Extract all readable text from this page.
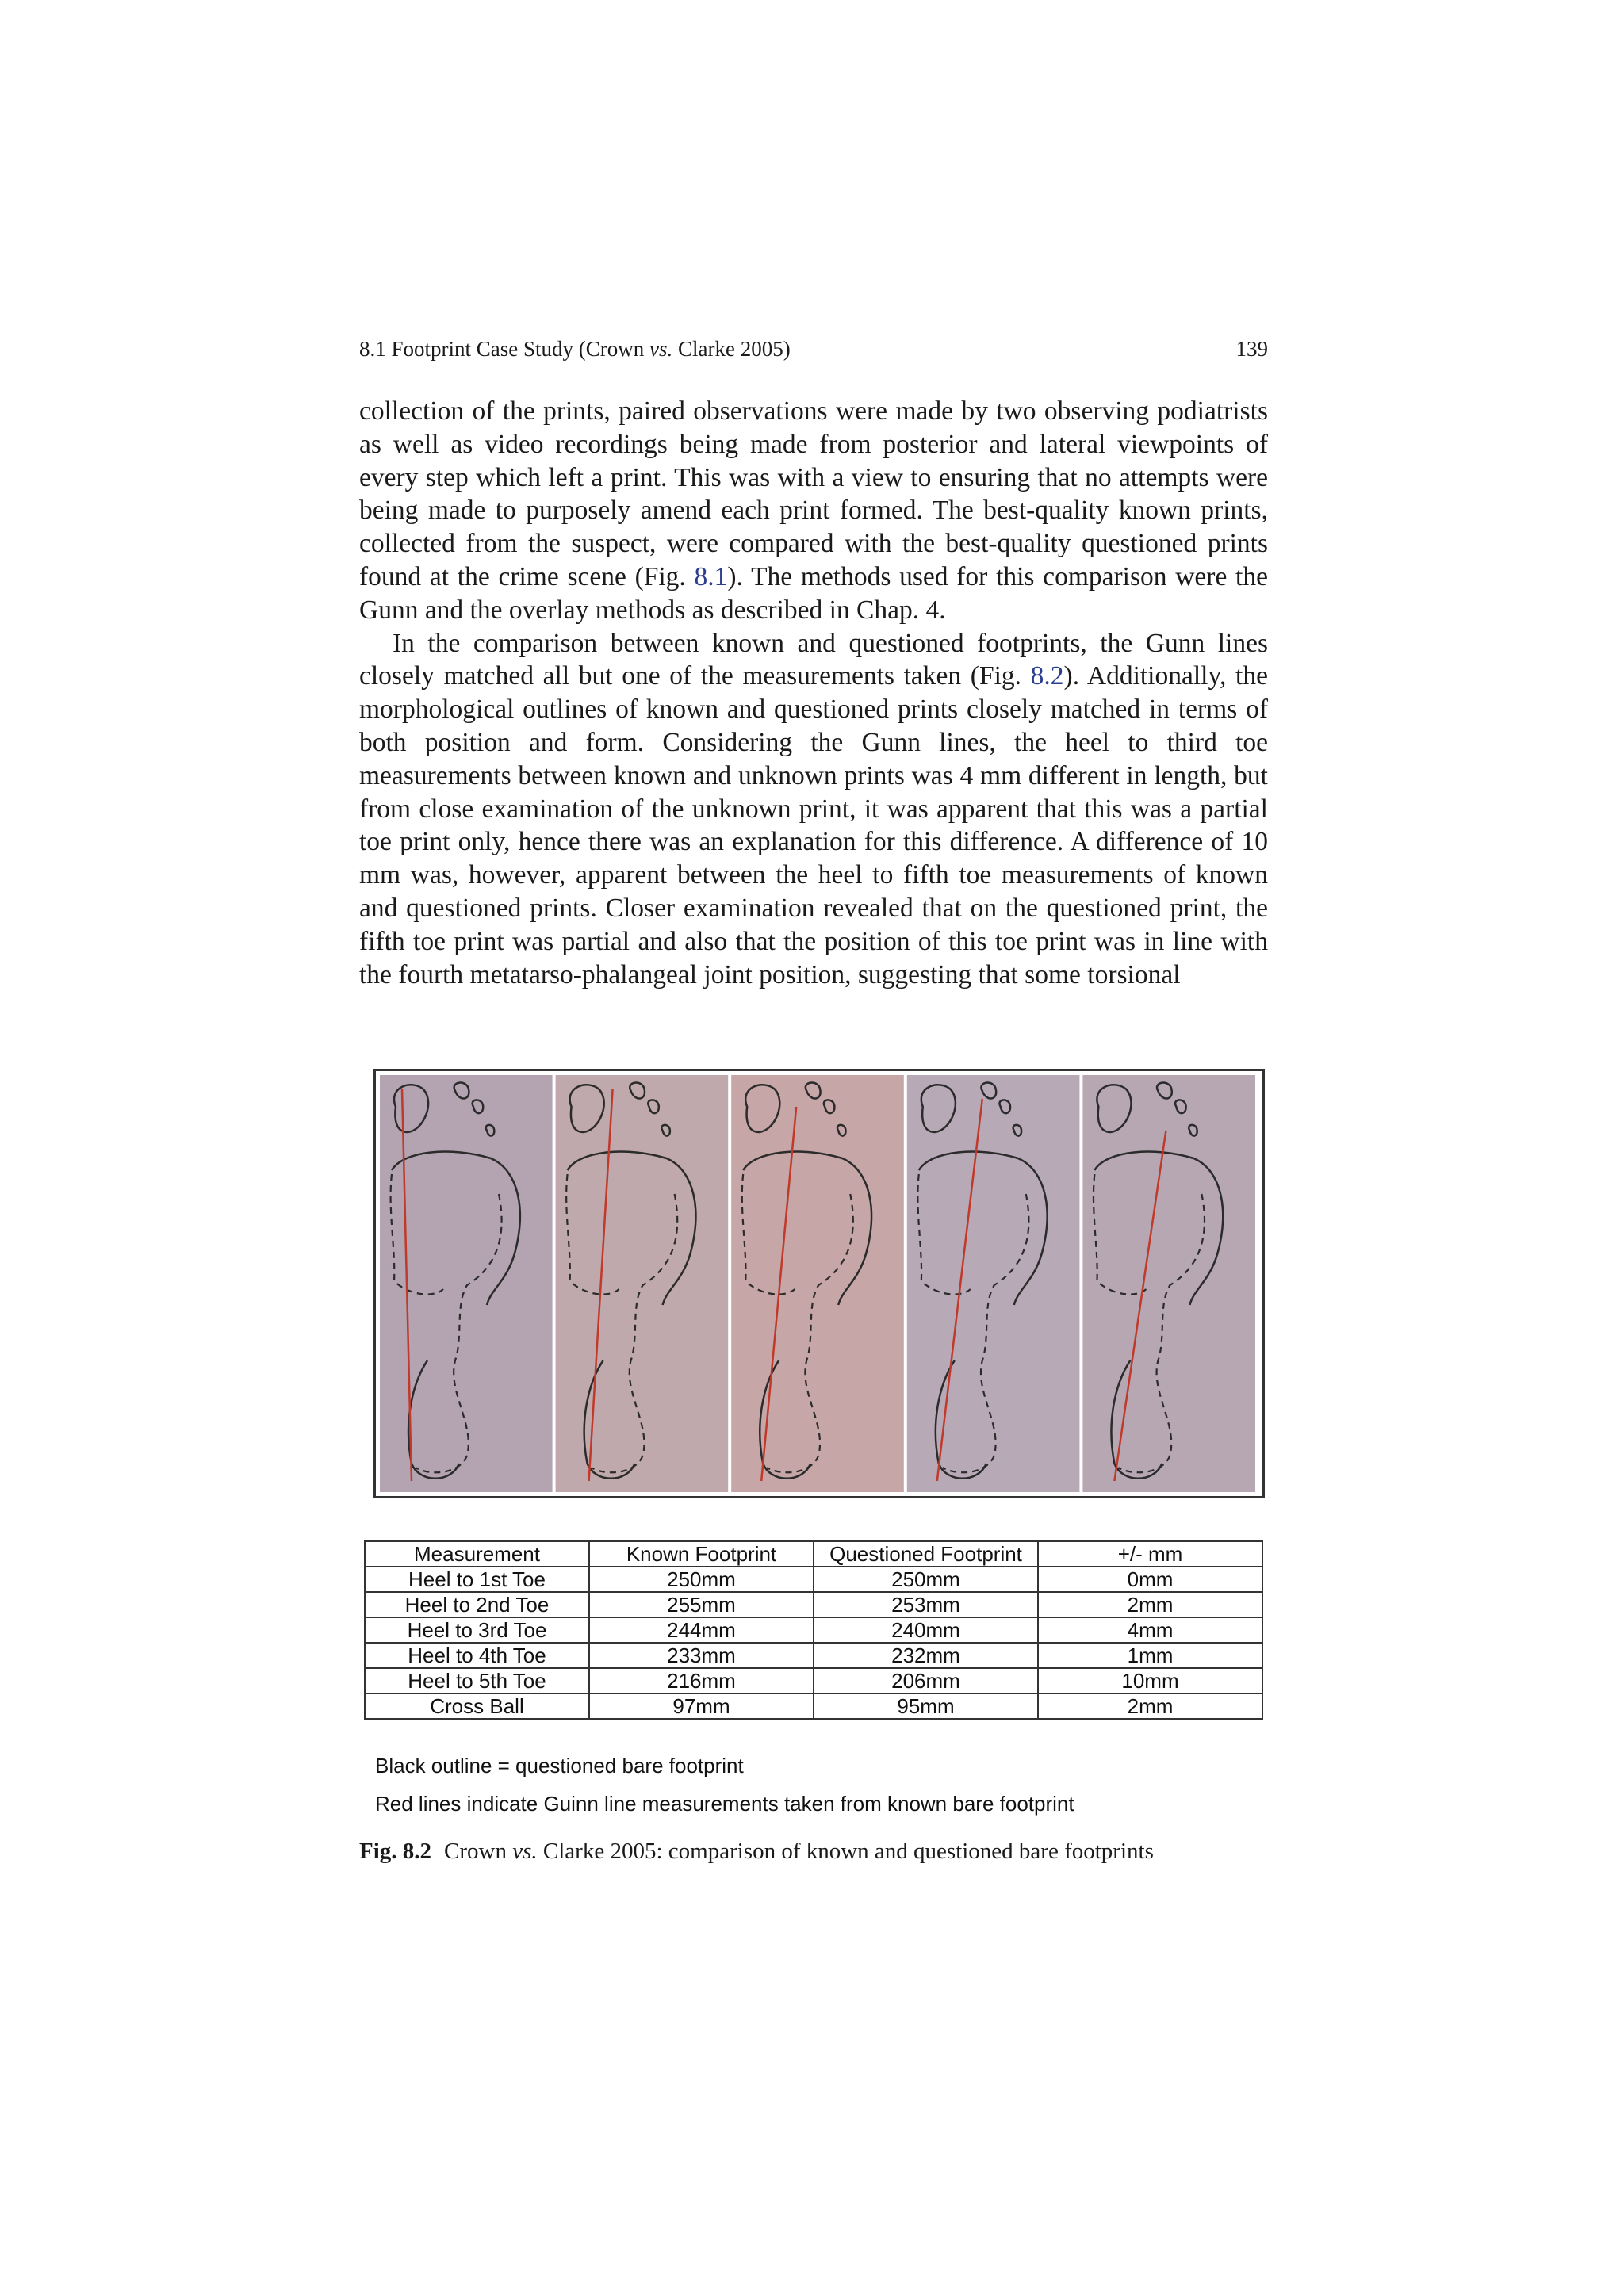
8.1 Footprint Case Study (Crown vs. Clarke 2005)	139

collection of the prints, paired observations were made by two observing podiatrists as well as video recordings being made from posterior and lateral viewpoints of every step which left a print. This was with a view to ensuring that no attempts were being made to purposely amend each print formed. The best-quality known prints, collected from the suspect, were compared with the best-quality questioned prints found at the crime scene (Fig. 8.1). The methods used for this comparison were the Gunn and the overlay methods as described in Chap. 4.

In the comparison between known and questioned footprints, the Gunn lines closely matched all but one of the measurements taken (Fig. 8.2). Additionally, the morphological outlines of known and questioned prints closely matched in terms of both position and form. Considering the Gunn lines, the heel to third toe measurements between known and unknown prints was 4 mm different in length, but from close examination of the unknown print, it was apparent that this was a partial toe print only, hence there was an explanation for this difference. A difference of 10 mm was, however, apparent between the heel to fifth toe measurements of known and questioned prints. Closer examination revealed that on the questioned print, the fifth toe print was partial and also that the position of this toe print was in line with the fourth metatarso-phalangeal joint position, suggesting that some torsional

Measurement	Known Footprint	Questioned Footprint	+/- mm
Heel to 1st Toe	250mm	250mm	0mm
Heel to 2nd Toe	255mm	253mm	2mm
Heel to 3rd Toe	244mm	240mm	4mm
Heel to 4th Toe	233mm	232mm	1mm
Heel to 5th Toe	216mm	206mm	10mm
Cross Ball	97mm	95mm	2mm
Black outline = questioned bare footprint
Red lines indicate Guinn line measurements taken from known bare footprint
Fig. 8.2 Crown vs. Clarke 2005: comparison of known and questioned bare footprints
